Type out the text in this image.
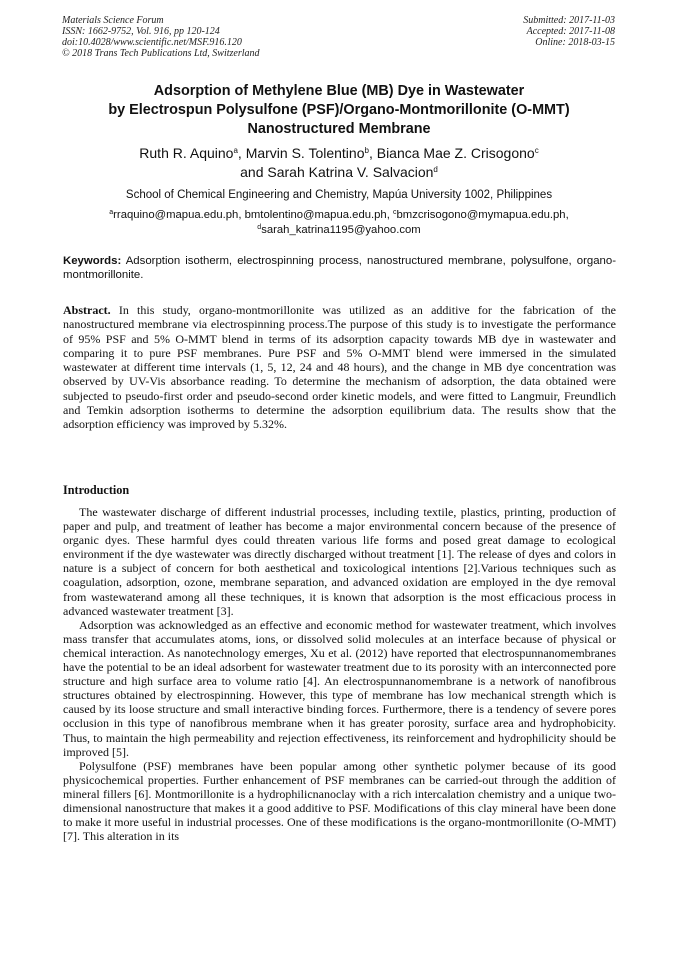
Materials Science Forum
ISSN: 1662-9752, Vol. 916, pp 120-124
doi:10.4028/www.scientific.net/MSF.916.120
© 2018 Trans Tech Publications Ltd, Switzerland
Submitted: 2017-11-03
Accepted: 2017-11-08
Online: 2018-03-15
Adsorption of Methylene Blue (MB) Dye in Wastewater
by Electrospun Polysulfone (PSF)/Organo-Montmorillonite (O-MMT)
Nanostructured Membrane
Ruth R. Aquino$^a$, Marvin S. Tolentino$^b$, Bianca Mae Z. Crisogono$^c$
and Sarah Katrina V. Salvacion$^d$
School of Chemical Engineering and Chemistry, Mapúa University 1002, Philippines
$^a$rraquino@mapua.edu.ph, bmtolentino@mapua.edu.ph, $^c$bmzcrisogono@mymapua.edu.ph,
$^d$sarah_katrina1195@yahoo.com
Keywords: Adsorption isotherm, electrospinning process, nanostructured membrane, polysulfone, organo-montmorillonite.
Abstract. In this study, organo-montmorillonite was utilized as an additive for the fabrication of the nanostructured membrane via electrospinning process.The purpose of this study is to investigate the performance of 95% PSF and 5% O-MMT blend in terms of its adsorption capacity towards MB dye in wastewater and comparing it to pure PSF membranes. Pure PSF and 5% O-MMT blend were immersed in the simulated wastewater at different time intervals (1, 5, 12, 24 and 48 hours), and the change in MB dye concentration was observed by UV-Vis absorbance reading. To determine the mechanism of adsorption, the data obtained were subjected to pseudo-first order and pseudo-second order kinetic models, and were fitted to Langmuir, Freundlich and Temkin adsorption isotherms to determine the adsorption equilibrium data. The results show that the adsorption efficiency was improved by 5.32%.
Introduction

The wastewater discharge of different industrial processes, including textile, plastics, printing, production of paper and pulp, and treatment of leather has become a major environmental concern because of the presence of organic dyes. These harmful dyes could threaten various life forms and posed great damage to ecological environment if the dye wastewater was directly discharged without treatment [1]. The release of dyes and colors in nature is a subject of concern for both aesthetical and toxicological intentions [2].Various techniques such as coagulation, adsorption, ozone, membrane separation, and advanced oxidation are employed in the dye removal from wastewaterand among all these techniques, it is known that adsorption is the most efficacious process in advanced wastewater treatment [3].

Adsorption was acknowledged as an effective and economic method for wastewater treatment, which involves mass transfer that accumulates atoms, ions, or dissolved solid molecules at an interface because of physical or chemical interaction. As nanotechnology emerges, Xu et al. (2012) have reported that electrospunnanomembranes have the potential to be an ideal adsorbent for wastewater treatment due to its porosity with an interconnected pore structure and high surface area to volume ratio [4]. An electrospunnanomembrane is a network of nanofibrous structures obtained by electrospinning. However, this type of membrane has low mechanical strength which is caused by its loose structure and small interactive binding forces. Furthermore, there is a tendency of severe pores occlusion in this type of nanofibrous membrane when it has greater porosity, surface area and hydrophobicity. Thus, to maintain the high permeability and rejection effectiveness, its reinforcement and hydrophilicity should be improved [5].

Polysulfone (PSF) membranes have been popular among other synthetic polymer because of its good physicochemical properties. Further enhancement of PSF membranes can be carried-out through the addition of mineral fillers [6]. Montmorillonite is a hydrophilicnanoclay with a rich intercalation chemistry and a unique two-dimensional nanostructure that makes it a good additive to PSF. Modifications of this clay mineral have been done to make it more useful in industrial processes. One of these modifications is the organo-montmorillonite (O-MMT) [7]. This alteration in its
